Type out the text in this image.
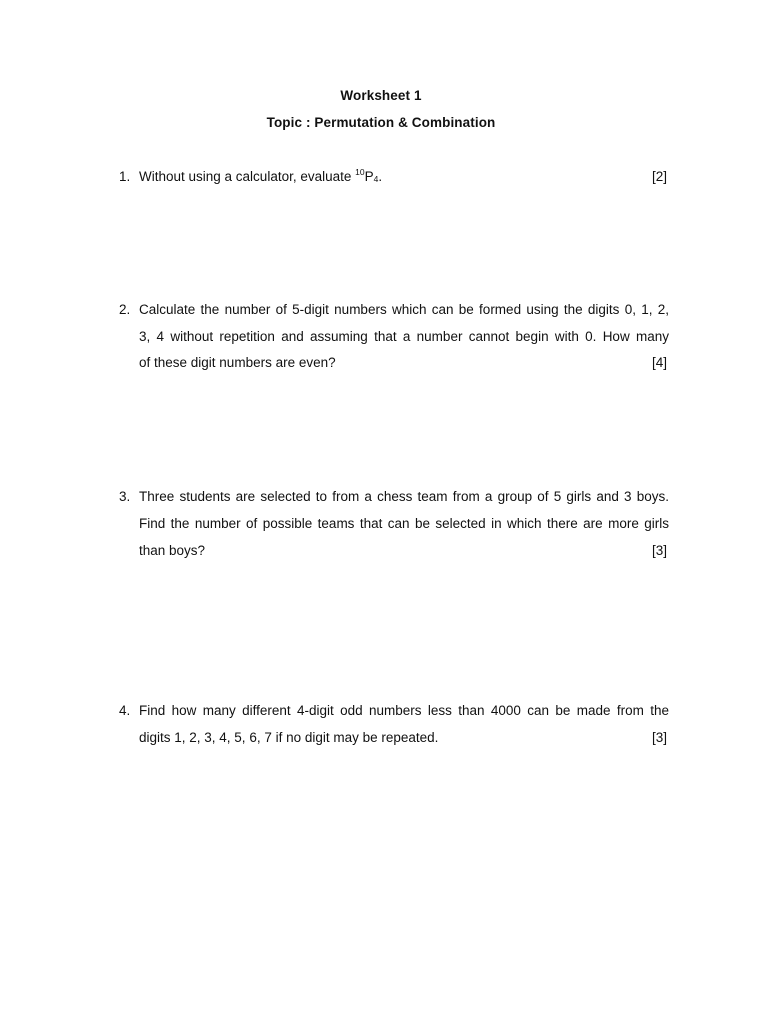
Worksheet 1
Topic : Permutation & Combination
1. Without using a calculator, evaluate $^{10}P_4$.	[2]
2. Calculate the number of 5-digit numbers which can be formed using the digits 0, 1, 2,
3, 4 without repetition and assuming that a number cannot begin with 0. How many
of these digit numbers are even?	[4]
3. Three students are selected to from a chess team from a group of 5 girls and 3 boys.
Find the number of possible teams that can be selected in which there are more girls
than boys?	[3]
4. Find how many different 4-digit odd numbers less than 4000 can be made from the
digits 1, 2, 3, 4, 5, 6, 7 if no digit may be repeated.	[3]
